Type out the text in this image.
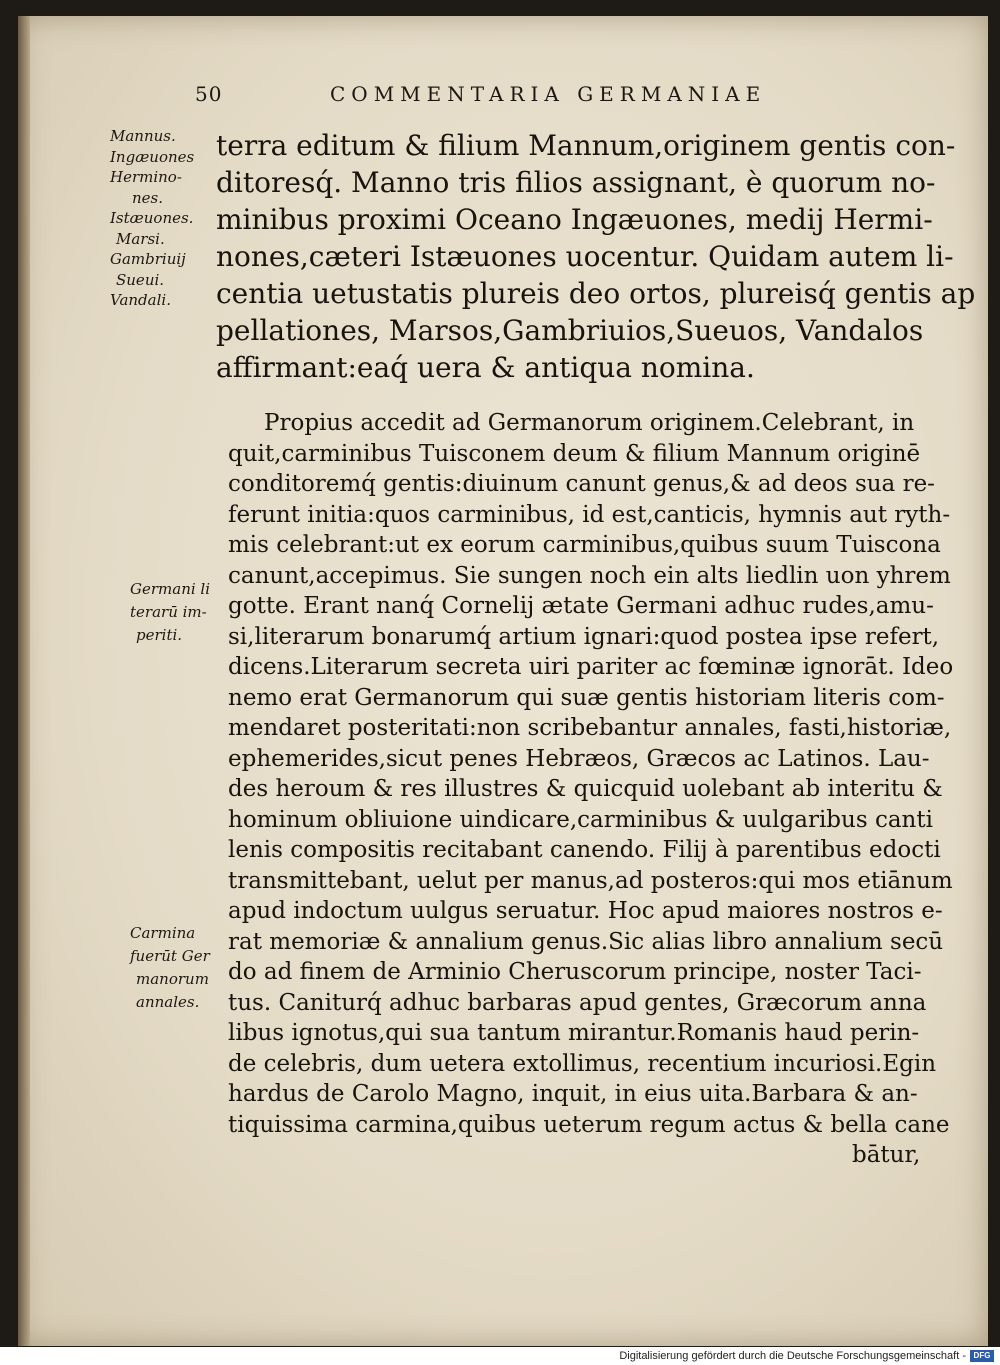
50	COMMENTARIA GERMANIAE
Mannus.
Ingæuones
Hermino-
nes.
Istæuones.
Marsi.
Gambriuij
Sueui.
Vandali.
Germani li
terarū im-
periti.
Carmina
fuerūt Ger
manorum
annales.
terra editum & filium Mannum,originem gentis con-
ditoresq́. Manno tris filios assignant, è quorum no-
minibus proximi Oceano Ingæuones, medij Hermi-
nones,cæteri Istæuones uocentur. Quidam autem li-
centia uetustatis plureis deo ortos, plureisq́ gentis ap
pellationes, Marsos,Gambriuios,Sueuos, Vandalos
affirmant:eaq́ uera & antiqua nomina.
Propius accedit ad Germanorum originem.Celebrant, in
quit,carminibus Tuisconem deum & filium Mannum originē
conditoremq́ gentis:diuinum canunt genus,& ad deos sua re-
ferunt initia:quos carminibus, id est,canticis, hymnis aut ryth-
mis celebrant:ut ex eorum carminibus,quibus suum Tuiscona
canunt,accepimus. Sie sungen noch ein alts liedlin uon yhrem
gotte. Erant nanq́ Cornelij ætate Germani adhuc rudes,amu-
si,literarum bonarumq́ artium ignari:quod postea ipse refert,
dicens.Literarum secreta uiri pariter ac fœminæ ignorāt. Ideo
nemo erat Germanorum qui suæ gentis historiam literis com-
mendaret posteritati:non scribebantur annales, fasti,historiæ,
ephemerides,sicut penes Hebræos, Græcos ac Latinos. Lau-
des heroum & res illustres & quicquid uolebant ab interitu &
hominum obliuione uindicare,carminibus & uulgaribus canti
lenis compositis recitabant canendo. Filij à parentibus edocti
transmittebant, uelut per manus,ad posteros:qui mos etiānum
apud indoctum uulgus seruatur. Hoc apud maiores nostros e-
rat memoriæ & annalium genus.Sic alias libro annalium secū
do ad finem de Arminio Cheruscorum principe, noster Taci-
tus. Caniturq́ adhuc barbaras apud gentes, Græcorum anna
libus ignotus,qui sua tantum mirantur.Romanis haud perin-
de celebris, dum uetera extollimus, recentium incuriosi.Egin
hardus de Carolo Magno, inquit, in eius uita.Barbara & an-
tiquissima carmina,quibus ueterum regum actus & bella cane
bātur,
Digitalisierung gefördert durch die Deutsche Forschungsgemeinschaft - DFG
